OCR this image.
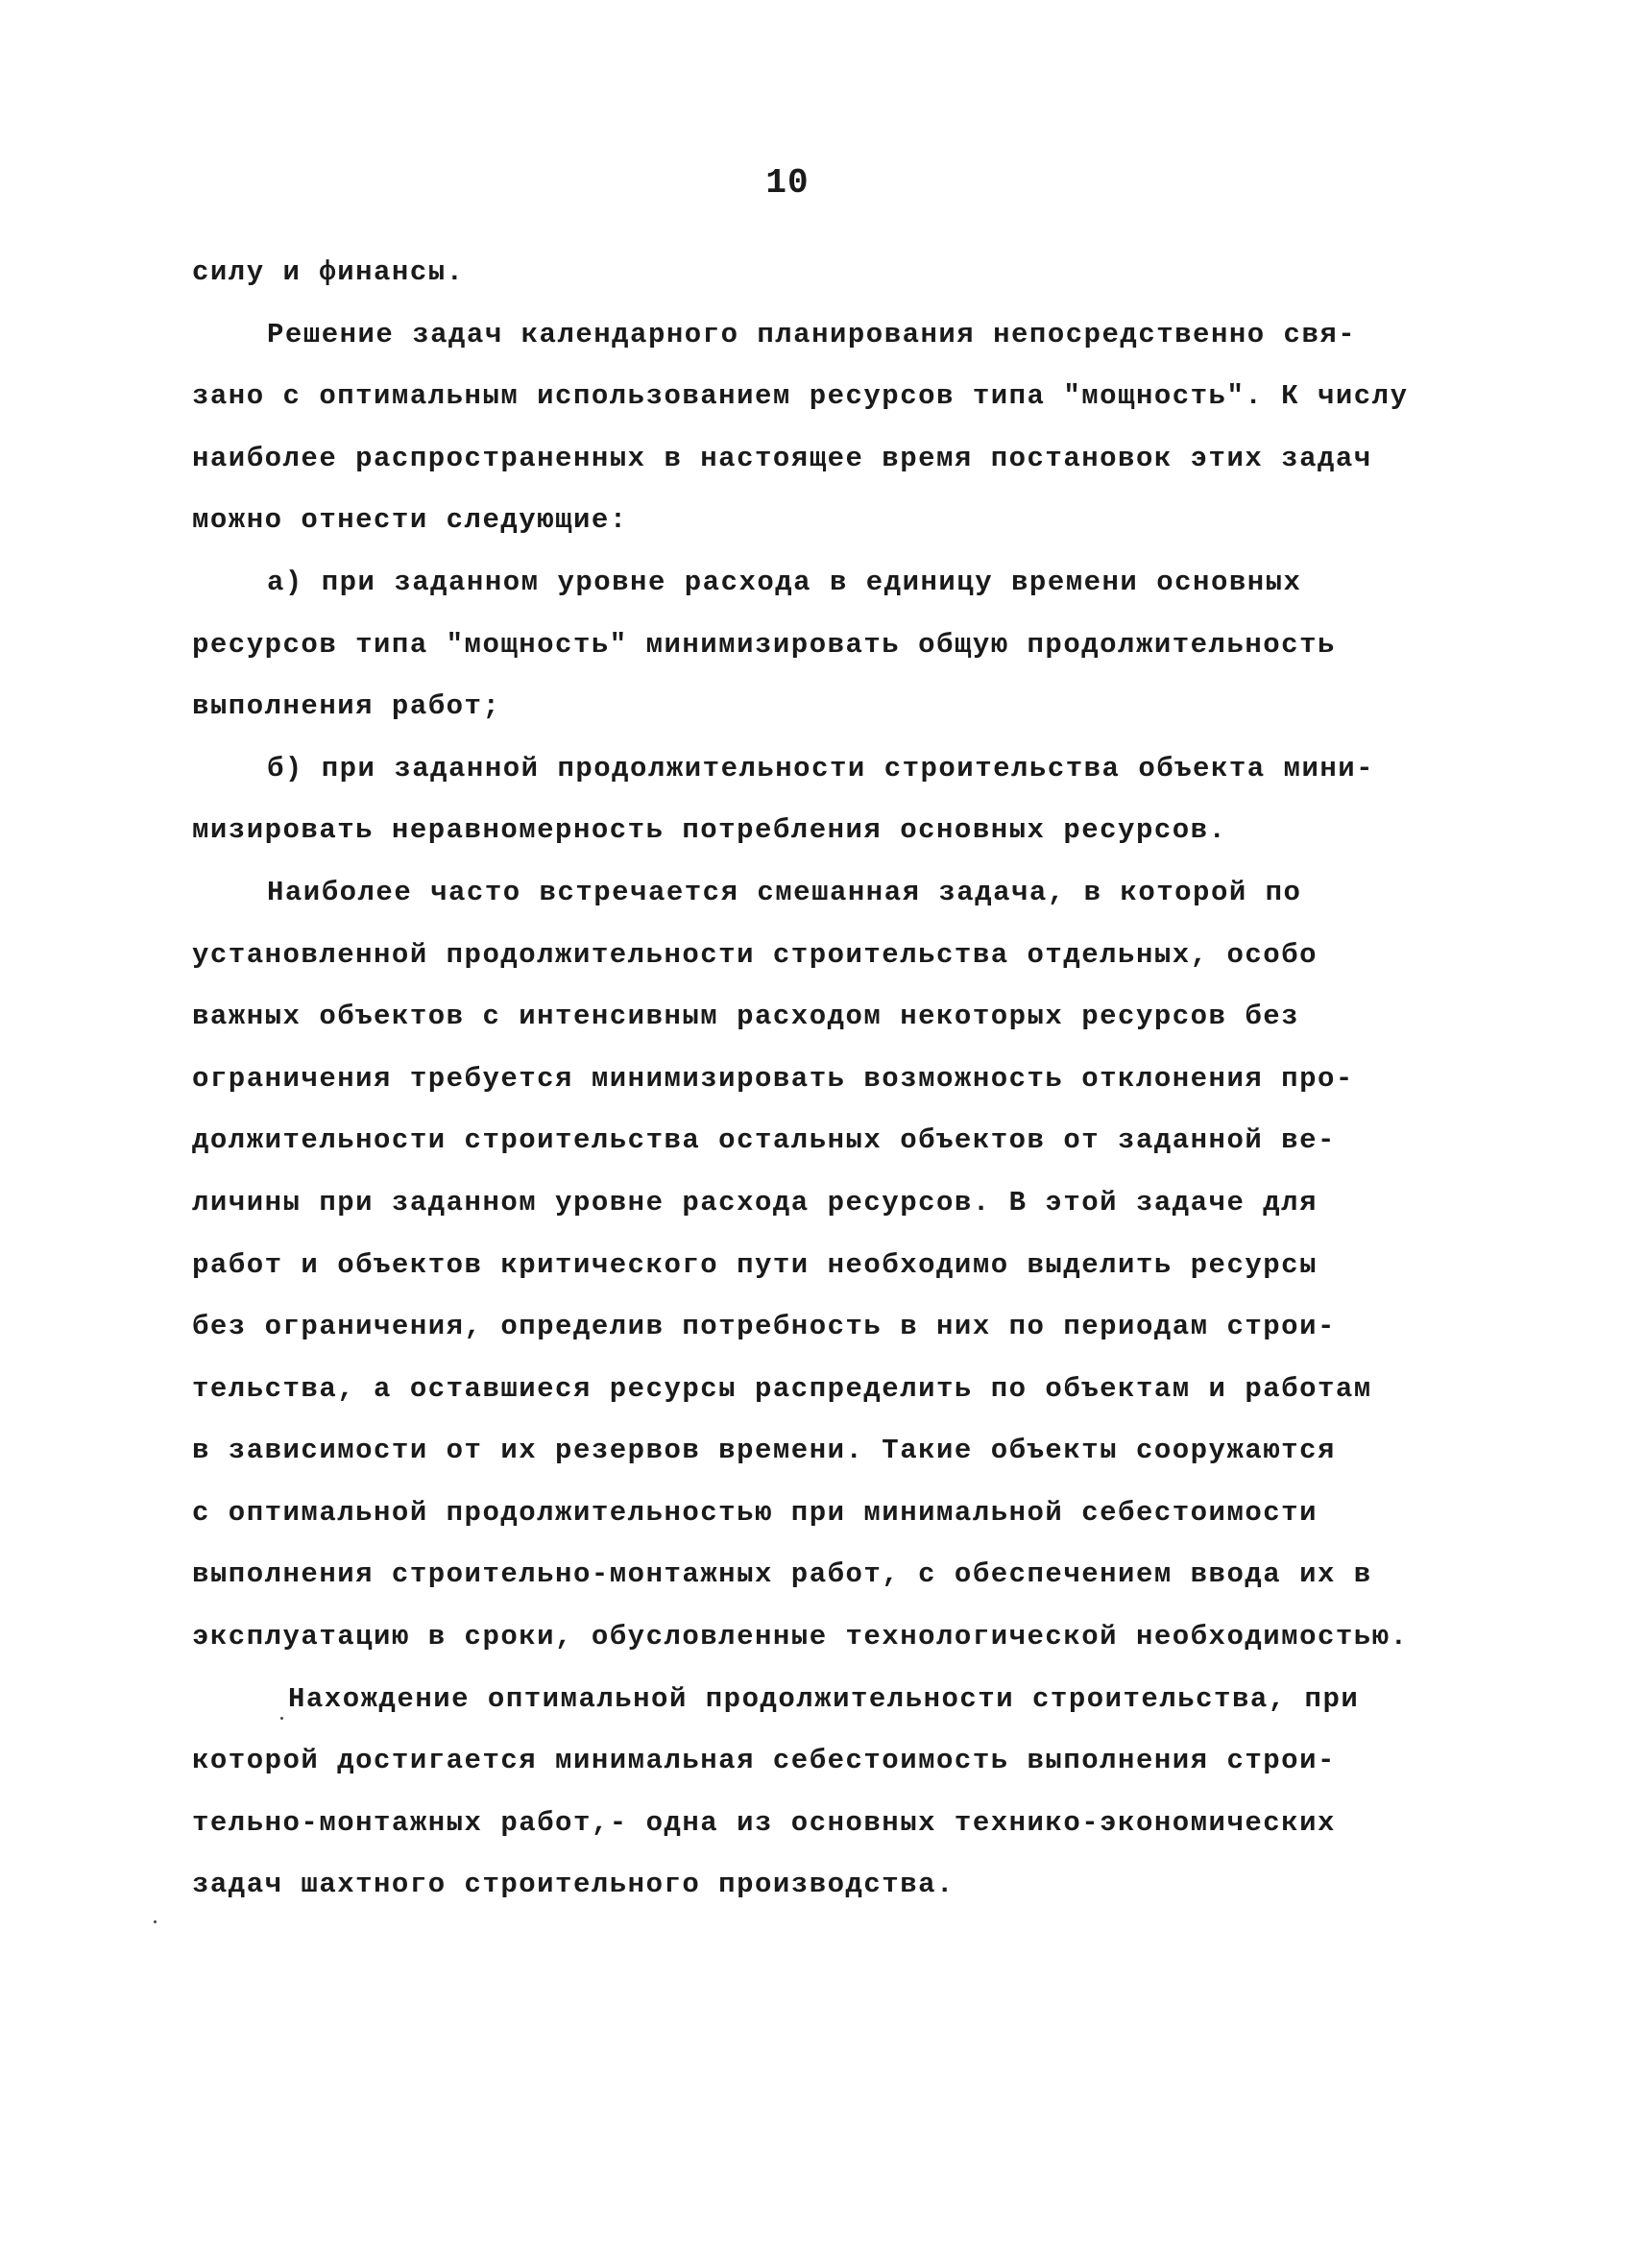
10
силу и финансы.
Решение задач календарного планирования непосредственно свя-
зано с оптимальным использованием ресурсов типа "мощность". К числу
наиболее распространенных в настоящее время постановок этих задач
можно отнести следующие:
а) при заданном уровне расхода в единицу времени основных
ресурсов типа "мощность" минимизировать общую продолжительность
выполнения работ;
б) при заданной продолжительности строительства объекта мини-
мизировать неравномерность потребления основных ресурсов.
Наиболее часто встречается смешанная задача, в которой по
установленной продолжительности строительства отдельных, особо
важных объектов с интенсивным расходом некоторых ресурсов без
ограничения требуется минимизировать возможность отклонения про-
должительности строительства остальных объектов от заданной ве-
личины при заданном уровне расхода ресурсов. В этой задаче для
работ и объектов критического пути необходимо выделить ресурсы
без ограничения, определив потребность в них по периодам строи-
тельства, а оставшиеся ресурсы распределить по объектам и работам
в зависимости от их резервов времени. Такие объекты сооружаются
с оптимальной продолжительностью при минимальной себестоимости
выполнения строительно-монтажных работ, с обеспечением ввода их в
эксплуатацию в сроки, обусловленные технологической необходимостью.
Нахождение оптимальной продолжительности строительства, при
которой достигается минимальная себестоимость выполнения строи-
тельно-монтажных работ,- одна из основных технико-экономических
задач шахтного строительного производства.
